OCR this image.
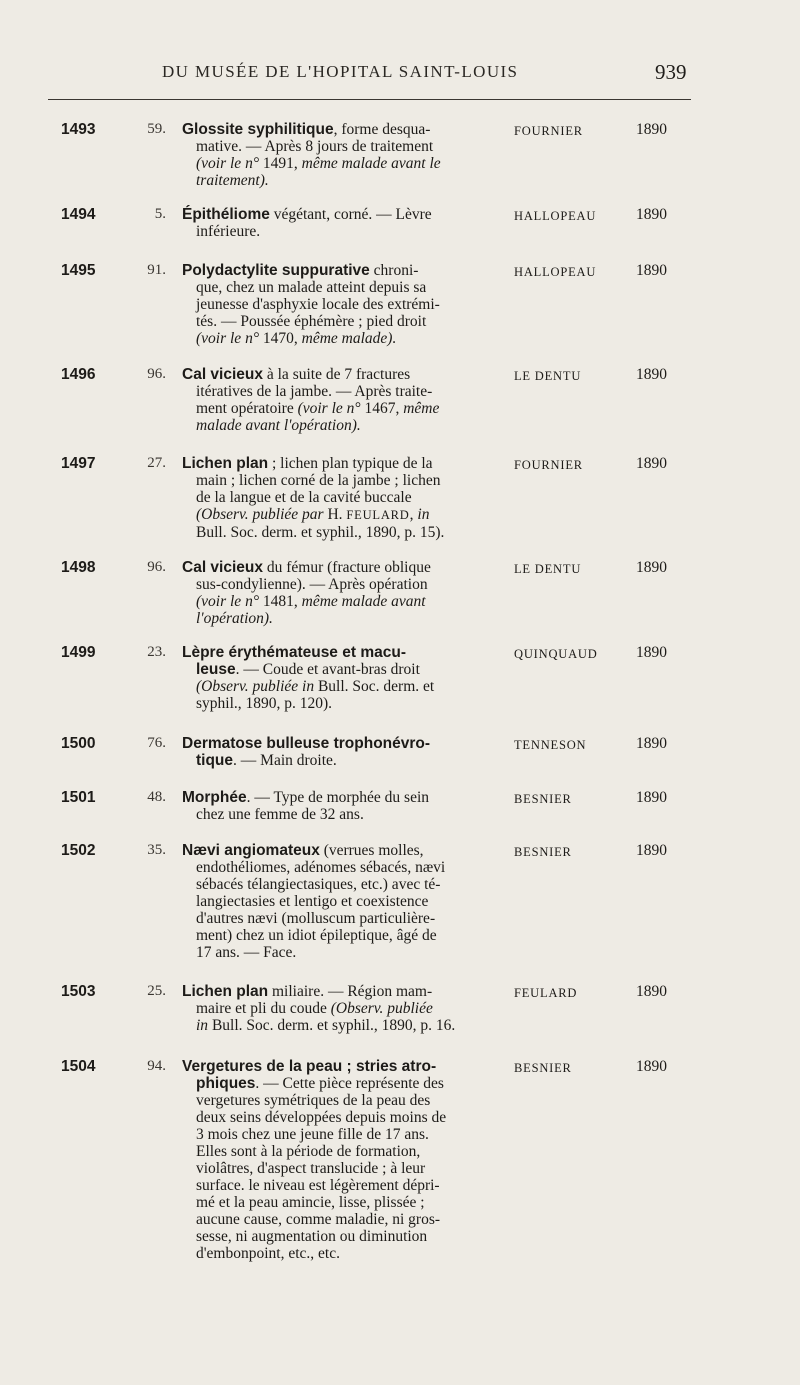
DU MUSÉE DE L'HOPITAL SAINT-LOUIS	939
1493	59. Glossite syphilitique, forme desqua-
mative. — Après 8 jours de traitement
(voir le n° 1491, même malade avant le
traitement).
FOURNIER	1890
1494	5. Épithéliome végétant, corné. — Lèvre
inférieure.
HALLOPEAU	1890
1495	91. Polydactylite suppurative chroni-
que, chez un malade atteint depuis sa
jeunesse d'asphyxie locale des extrémi-
tés. — Poussée éphémère ; pied droit
(voir le n° 1470, même malade).
HALLOPEAU	1890
1496	96. Cal vicieux à la suite de 7 fractures
itératives de la jambe. — Après traite-
ment opératoire (voir le n° 1467, même
malade avant l'opération).
LE DENTU	1890
1497	27. Lichen plan ; lichen plan typique de la
main ; lichen corné de la jambe ; lichen
de la langue et de la cavité buccale
(Observ. publiée par H. FEULARD, in
Bull. Soc. derm. et syphil., 1890, p. 15).
FOURNIER	1890
1498	96. Cal vicieux du fémur (fracture oblique
sus-condylienne). — Après opération
(voir le n° 1481, même malade avant
l'opération).
LE DENTU	1890
1499	23. Lèpre érythémateuse et macu-
leuse. — Coude et avant-bras droit
(Observ. publiée in Bull. Soc. derm. et
syphil., 1890, p. 120).
QUINQUAUD 1890
1500	76. Dermatose bulleuse trophonévro-
tique. — Main droite.
TENNESON	1890
1501	48. Morphée. — Type de morphée du sein
chez une femme de 32 ans.
BESNIER	1890
1502	35. Nævi angiomateux (verrues molles,
endothéliomes, adénomes sébacés, nævi
sébacés télangiectasiques, etc.) avec té-
langiectasies et lentigo et coexistence
d'autres nævi (molluscum particulière-
ment) chez un idiot épileptique, âgé de
17 ans. — Face.
BESNIER	1890
1503	25. Lichen plan miliaire. — Région mam-
maire et pli du coude (Observ. publiée
in Bull. Soc. derm. et syphil., 1890, p. 16.
FEULARD	1890
1504	94. Vergetures de la peau ; stries atro-
phiques. — Cette pièce représente des
vergetures symétriques de la peau des
deux seins développées depuis moins de
3 mois chez une jeune fille de 17 ans.
Elles sont à la période de formation,
violâtres, d'aspect translucide ; à leur
surface. le niveau est légèrement dépri-
mé et la peau amincie, lisse, plissée ;
aucune cause, comme maladie, ni gros-
sesse, ni augmentation ou diminution
d'embonpoint, etc., etc.
BESNIER	1890
